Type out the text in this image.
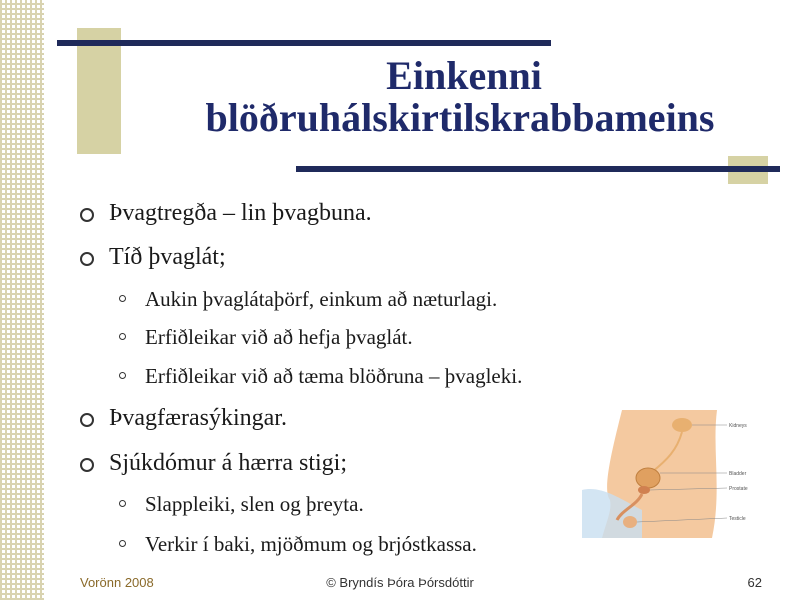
Einkenni
blöðruhálskirtilskrabbameins
Þvagtregða – lin þvagbuna.
Tíð þvaglát;
Aukin þvaglátaþörf, einkum að næturlagi.
Erfiðleikar við að hefja þvaglát.
Erfiðleikar við að tæma blöðruna – þvagleki.
Þvagfærasýkingar.
Sjúkdómur á hærra stigi;
Slappleiki, slen og þreyta.
Verkir í baki, mjöðmum og brjóstkassa.
Kidneys
Bladder
Prostate
Testicle
Vorönn 2008	© Bryndís Þóra Þórsdóttir	62
